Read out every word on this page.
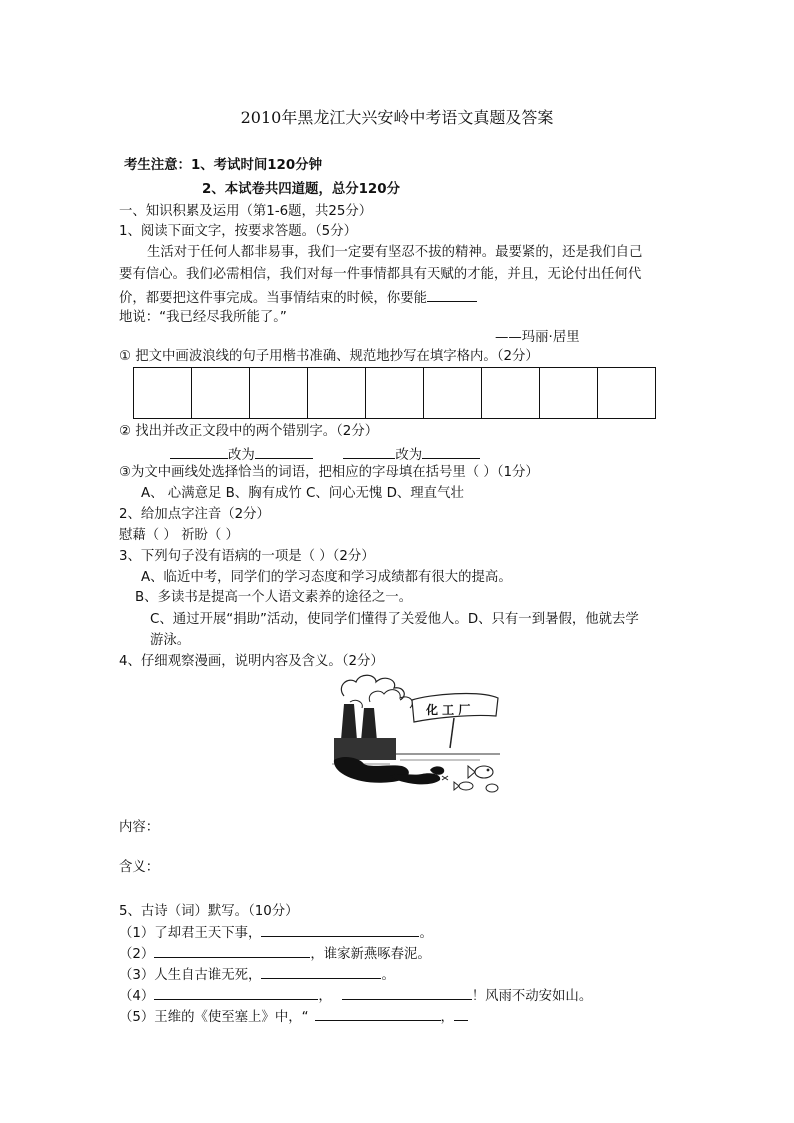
2010年黑龙江大兴安岭中考语文真题及答案
考生注意：1、考试时间120分钟
2、本试卷共四道题，总分120分
一、知识积累及运用（第1-6题，共25分）
1、阅读下面文字，按要求答题。（5分）
生活对于任何人都非易事，我们一定要有坚忍不拔的精神。最要紧的，还是我们自己
要有信心。我们必需相信，我们对每一件事情都具有天赋的才能，并且，无论付出任何代
价，都要把这件事完成。当事情结束的时候，你要能
地说：“我已经尽我所能了。”
——玛丽·居里
① 把文中画波浪线的句子用楷书准确、规范地抄写在填字格内。（2分）

② 找出并改正文段中的两个错别字。（2分）
改为	改为
③为文中画线处选择恰当的词语，把相应的字母填在括号里（ ）（1分）
A、 心满意足 B、胸有成竹 C、问心无愧 D、理直气壮
2、给加点字注音（2分）
慰藉（ ） 祈盼（ ）
3、下列句子没有语病的一项是（ ）（2分）
A、临近中考，同学们的学习态度和学习成绩都有很大的提高。
B、多读书是提高一个人语文素养的途径之一。
C、通过开展“捐助”活动，使同学们懂得了关爱他人。D、只有一到暑假，他就去学
游泳。
4、仔细观察漫画，说明内容及含义。（2分）
化 工 厂
内容：
含义：
5、古诗（词）默写。（10分）
（1）了却君王天下事，	。
（2）	，谁家新燕啄春泥。
（3）人生自古谁无死，	。
（4）	，	！风雨不动安如山。
（5）王维的《使至塞上》中，“	，
